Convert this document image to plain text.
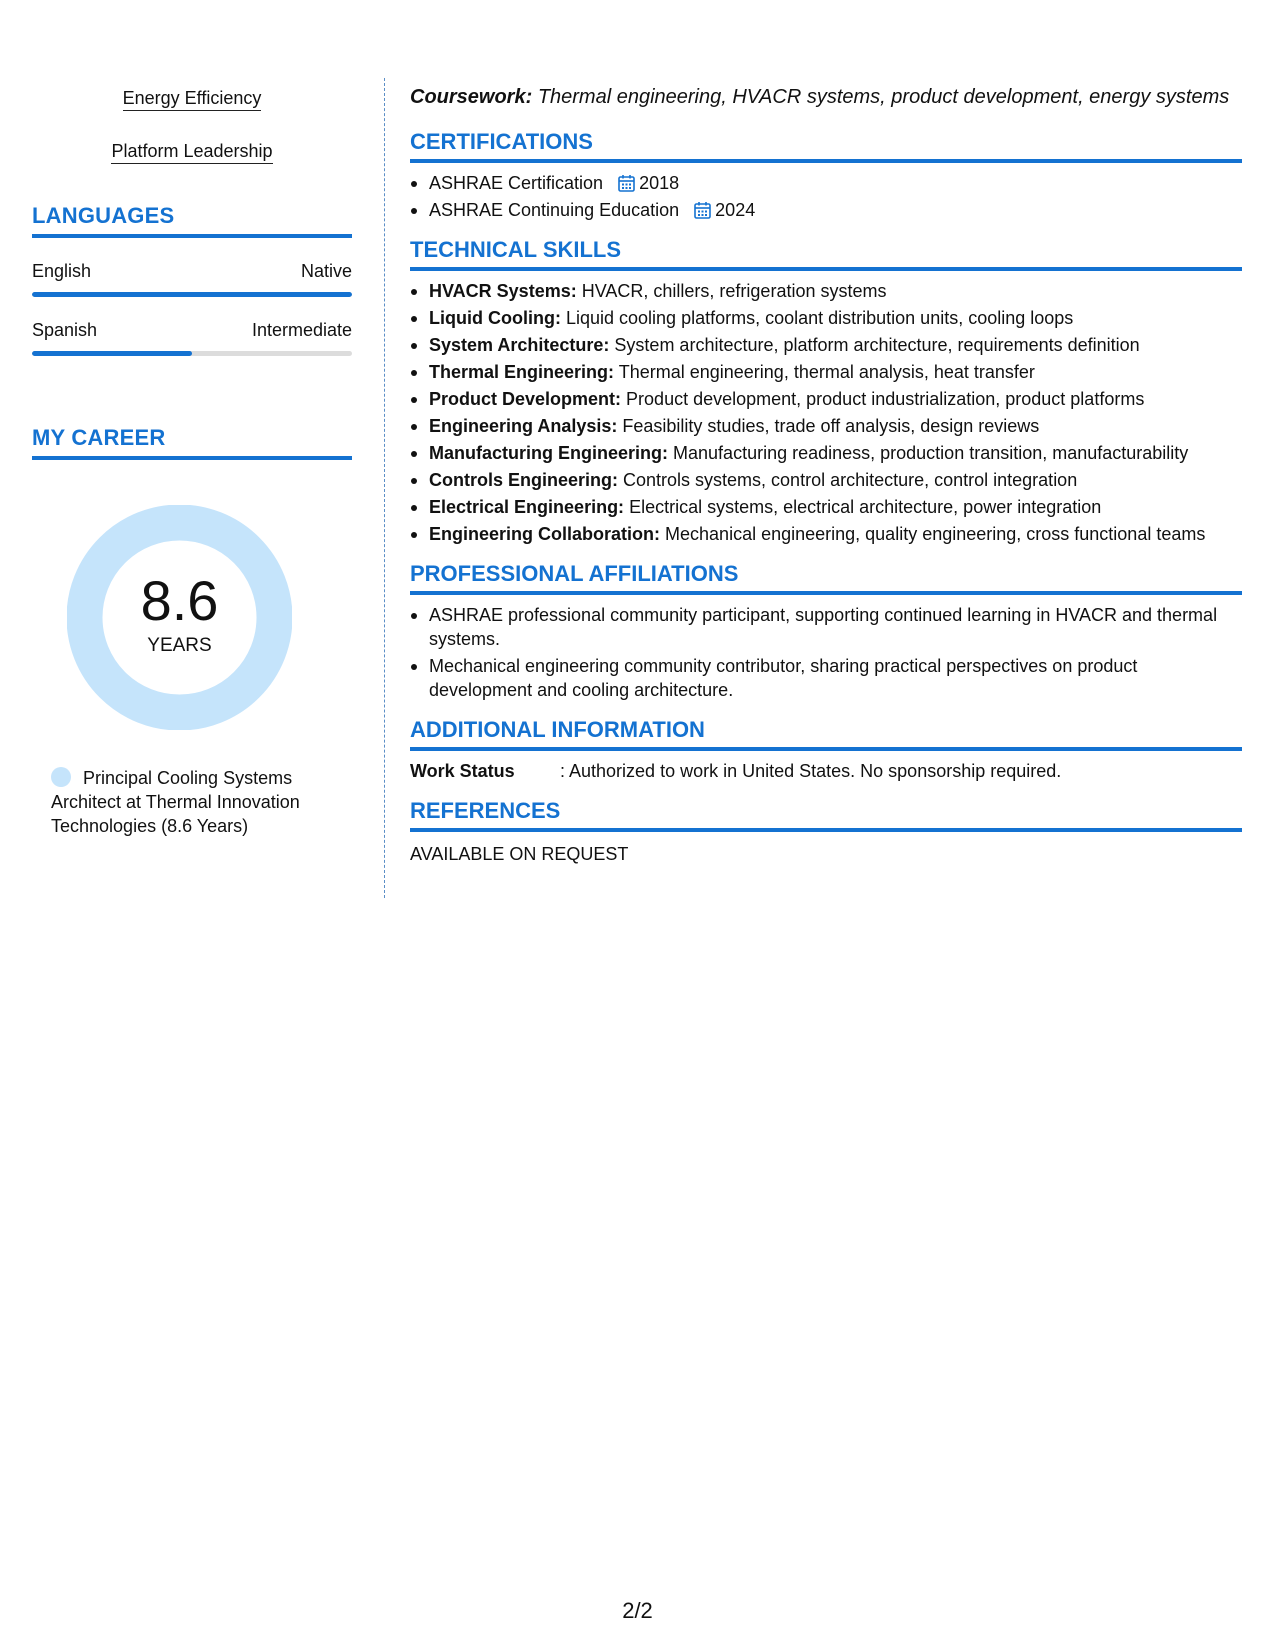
Energy Efficiency
Platform Leadership
LANGUAGES
English	Native
Spanish	Intermediate
MY CAREER
8.6
YEARS
Principal Cooling Systems Architect at Thermal Innovation Technologies (8.6 Years)
Coursework: Thermal engineering, HVACR systems, product development, energy systems
CERTIFICATIONS
ASHRAE Certification 2018
ASHRAE Continuing Education 2024
TECHNICAL SKILLS
HVACR Systems: HVACR, chillers, refrigeration systems
Liquid Cooling: Liquid cooling platforms, coolant distribution units, cooling loops
System Architecture: System architecture, platform architecture, requirements definition
Thermal Engineering: Thermal engineering, thermal analysis, heat transfer
Product Development: Product development, product industrialization, product platforms
Engineering Analysis: Feasibility studies, trade off analysis, design reviews
Manufacturing Engineering: Manufacturing readiness, production transition, manufacturability
Controls Engineering: Controls systems, control architecture, control integration
Electrical Engineering: Electrical systems, electrical architecture, power integration
Engineering Collaboration: Mechanical engineering, quality engineering, cross functional teams
PROFESSIONAL AFFILIATIONS
ASHRAE professional community participant, supporting continued learning in HVACR and thermal systems.
Mechanical engineering community contributor, sharing practical perspectives on product development and cooling architecture.
ADDITIONAL INFORMATION
Work Status	: Authorized to work in United States. No sponsorship required.
REFERENCES
AVAILABLE ON REQUEST
2/2
